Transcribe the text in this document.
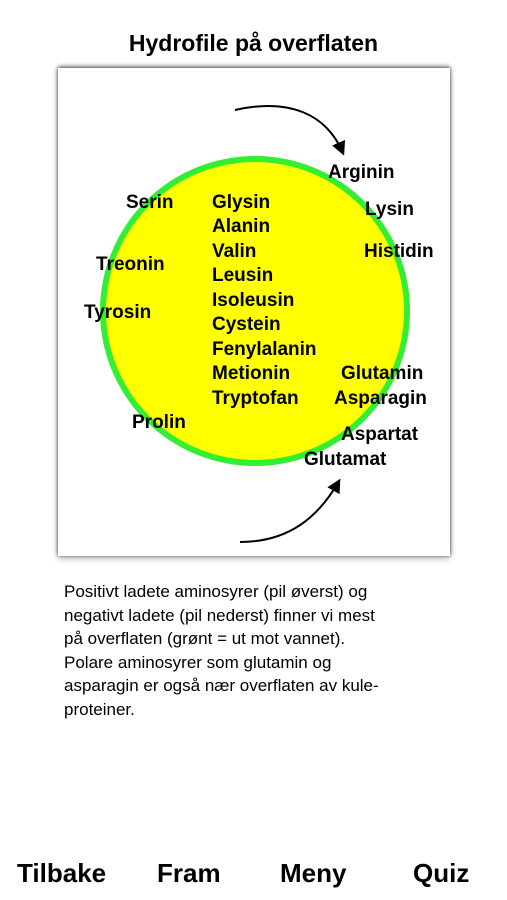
Hydrofile på overflaten
Glysin
Alanin
Valin
Leusin
Isoleusin
Cystein
Fenylalanin
Metionin
Tryptofan
Arginin
Lysin
Histidin
Serin
Treonin
Tyrosin
Prolin
Glutamin
Asparagin
Aspartat
Glutamat

Positivt ladete aminosyrer (pil øverst) og

negativt ladete (pil nederst) finner vi mest

på overflaten (grønt = ut mot vannet).

Polare aminosyrer som glutamin og

asparagin er også nær overflaten av kule-

proteiner.

Tilbake Fram Meny	Quiz
